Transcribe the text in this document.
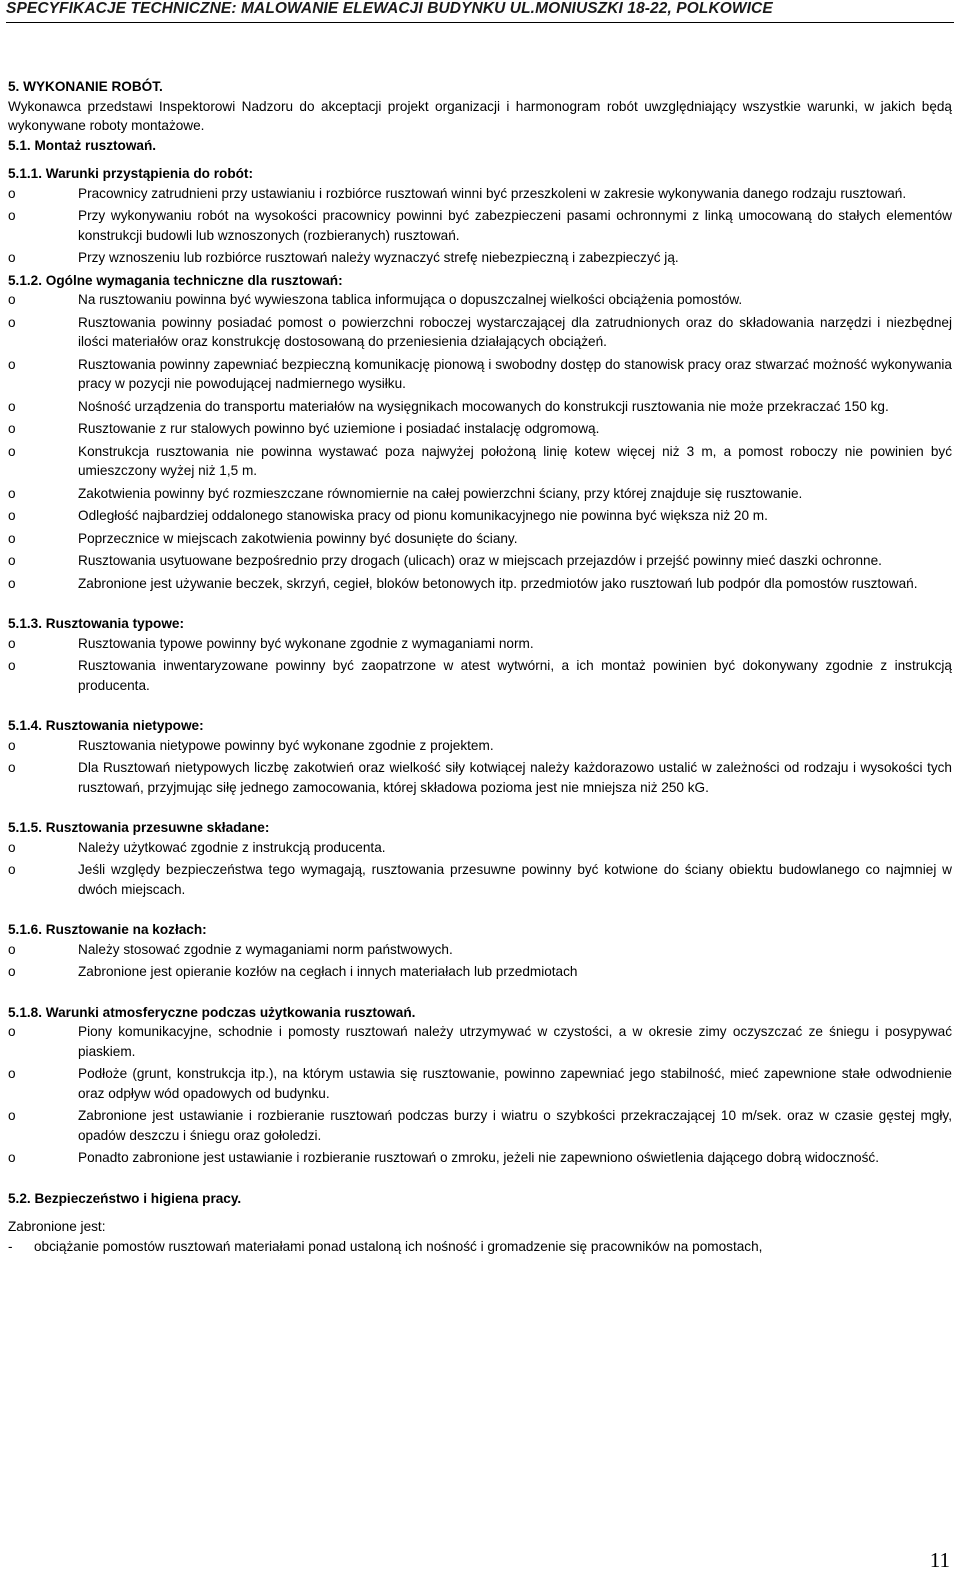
SPECYFIKACJE TECHNICZNE: MALOWANIE ELEWACJI BUDYNKU UL.MONIUSZKI 18-22, POLKOWICE

5. WYKONANIE ROBÓT.

Wykonawca przedstawi Inspektorowi Nadzoru do akceptacji projekt organizacji i harmonogram robót uwzględniający wszystkie warunki, w jakich będą wykonywane roboty montażowe.

5.1. Montaż rusztowań.

5.1.1. Warunki przystąpienia do robót:

o	Pracownicy zatrudnieni przy ustawianiu i rozbiórce rusztowań winni być przeszkoleni w zakresie wykonywania danego rodzaju rusztowań.
o	Przy wykonywaniu robót na wysokości pracownicy powinni być zabezpieczeni pasami ochronnymi z linką umocowaną do stałych elementów konstrukcji budowli lub wznoszonych (rozbieranych) rusztowań.
o	Przy wznoszeniu lub rozbiórce rusztowań należy wyznaczyć strefę niebezpieczną i zabezpieczyć ją.

5.1.2. Ogólne wymagania techniczne dla rusztowań:

o	Na rusztowaniu powinna być wywieszona tablica informująca o dopuszczalnej wielkości obciążenia pomostów.
o	Rusztowania powinny posiadać pomost o powierzchni roboczej wystarczającej dla zatrudnionych oraz do składowania narzędzi i niezbędnej ilości materiałów oraz konstrukcję dostosowaną do przeniesienia działających obciążeń.
o	Rusztowania powinny zapewniać bezpieczną komunikację pionową i swobodny dostęp do stanowisk pracy oraz stwarzać możność wykonywania pracy w pozycji nie powodującej nadmiernego wysiłku.
o	Nośność urządzenia do transportu materiałów na wysięgnikach mocowanych do konstrukcji rusztowania nie może przekraczać 150 kg.
o	Rusztowanie z rur stalowych powinno być uziemione i posiadać instalację odgromową.
o	Konstrukcja rusztowania nie powinna wystawać poza najwyżej położoną linię kotew więcej niż 3 m, a pomost roboczy nie powinien być umieszczony wyżej niż 1,5 m.
o	Zakotwienia powinny być rozmieszczane równomiernie na całej powierzchni ściany, przy której znajduje się rusztowanie.
o	Odległość najbardziej oddalonego stanowiska pracy od pionu komunikacyjnego nie powinna być większa niż 20 m.
o	Poprzecznice w miejscach zakotwienia powinny być dosunięte do ściany.
o	Rusztowania usytuowane bezpośrednio przy drogach (ulicach) oraz w miejscach przejazdów i przejść powinny mieć daszki ochronne.
o	Zabronione jest używanie beczek, skrzyń, cegieł, bloków betonowych itp. przedmiotów jako rusztowań lub podpór dla pomostów rusztowań.

5.1.3. Rusztowania typowe:

o	Rusztowania typowe powinny być wykonane zgodnie z wymaganiami norm.
o	Rusztowania inwentaryzowane powinny być zaopatrzone w atest wytwórni, a ich montaż powinien być dokonywany zgodnie z instrukcją producenta.

5.1.4. Rusztowania nietypowe:

o	Rusztowania nietypowe powinny być wykonane zgodnie z projektem.
o	Dla Rusztowań nietypowych liczbę zakotwień oraz wielkość siły kotwiącej należy każdorazowo ustalić w zależności od rodzaju i wysokości tych rusztowań, przyjmując siłę jednego zamocowania, której składowa pozioma jest nie mniejsza niż 250 kG.

5.1.5. Rusztowania przesuwne składane:

o	Należy użytkować zgodnie z instrukcją producenta.
o	Jeśli względy bezpieczeństwa tego wymagają, rusztowania przesuwne powinny być kotwione do ściany obiektu budowlanego co najmniej w dwóch miejscach.

5.1.6. Rusztowanie na kozłach:

o	Należy stosować zgodnie z wymaganiami norm państwowych.
o	Zabronione jest opieranie kozłów na cegłach i innych materiałach lub przedmiotach

5.1.8. Warunki atmosferyczne podczas użytkowania rusztowań.

o	Piony komunikacyjne, schodnie i pomosty rusztowań należy utrzymywać w czystości, a w okresie zimy oczyszczać ze śniegu i posypywać piaskiem.
o	Podłoże (grunt, konstrukcja itp.), na którym ustawia się rusztowanie, powinno zapewniać jego stabilność, mieć zapewnione stałe odwodnienie oraz odpływ wód opadowych od budynku.
o	Zabronione jest ustawianie i rozbieranie rusztowań podczas burzy i wiatru o szybkości przekraczającej 10 m/sek. oraz w czasie gęstej mgły, opadów deszczu i śniegu oraz gołoledzi.
o	Ponadto zabronione jest ustawianie i rozbieranie rusztowań o zmroku, jeżeli nie zapewniono oświetlenia dającego dobrą widoczność.

5.2. Bezpieczeństwo i higiena pracy.

Zabronione jest:

- obciążanie pomostów rusztowań materiałami ponad ustaloną ich nośność i gromadzenie się pracowników na pomostach,
11
